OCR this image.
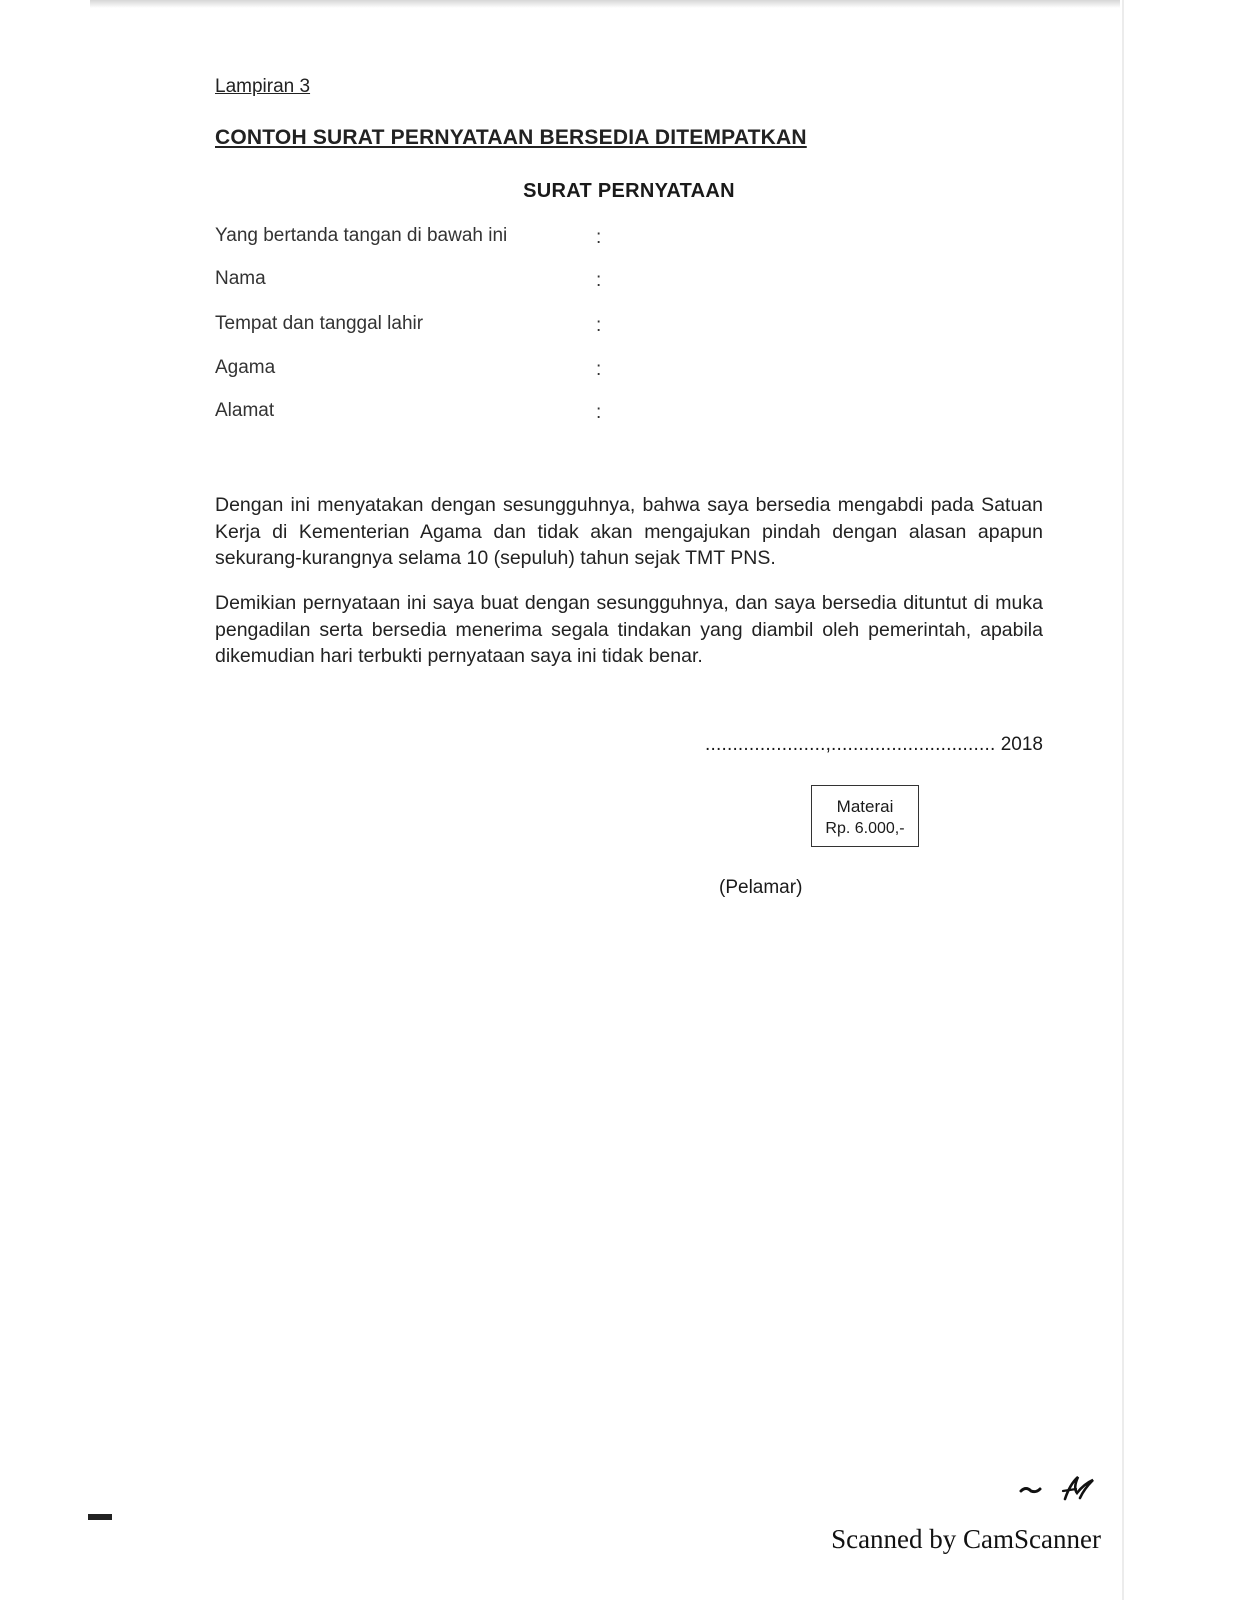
Lampiran 3
CONTOH SURAT PERNYATAAN BERSEDIA DITEMPATKAN
SURAT PERNYATAAN
Yang bertanda tangan di bawah ini	:
Nama	:
Tempat dan tanggal lahir	:
Agama	:
Alamat	:

Dengan ini menyatakan dengan sesungguhnya, bahwa saya bersedia mengabdi pada Satuan Kerja di Kementerian Agama dan tidak akan mengajukan pindah dengan alasan apapun sekurang-kurangnya selama 10 (sepuluh) tahun sejak TMT PNS.

Demikian pernyataan ini saya buat dengan sesungguhnya, dan saya bersedia dituntut di muka pengadilan serta bersedia menerima segala tindakan yang diambil oleh pemerintah, apabila dikemudian hari terbukti pernyataan saya ini tidak benar.

......................,.............................. 2018
Materai
Rp. 6.000,-
(Pelamar)
Scanned by CamScanner
